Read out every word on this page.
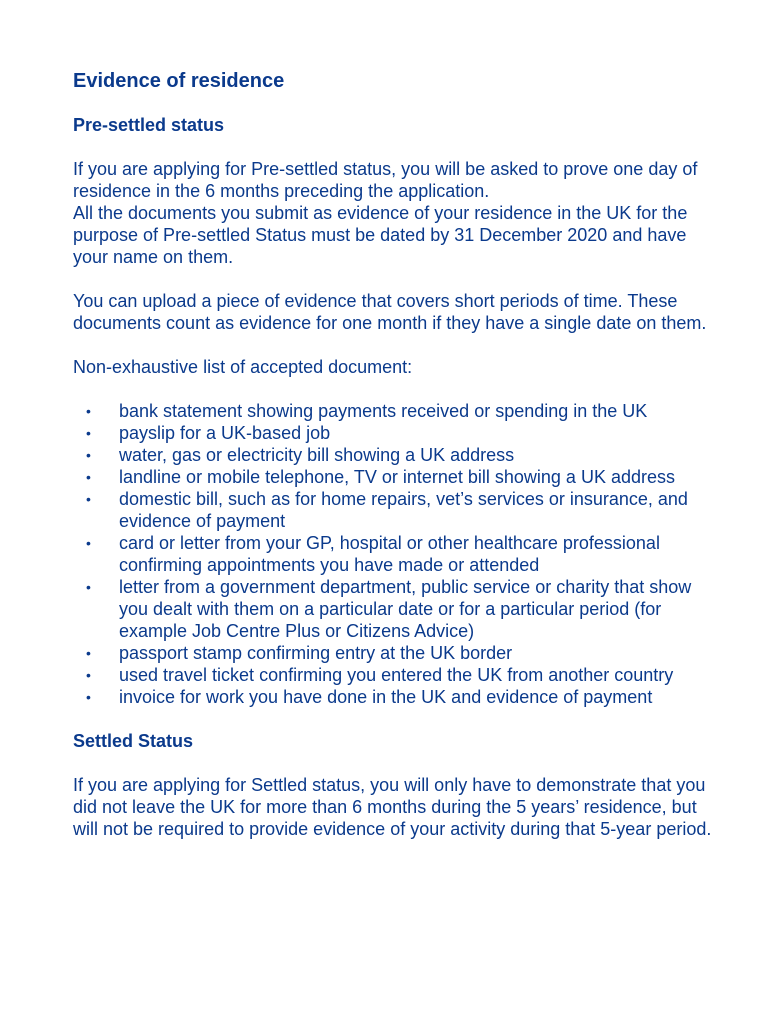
Evidence of residence
Pre-settled status

If you are applying for Pre-settled status, you will be asked to prove one day of residence in the 6 months preceding the application.

All the documents you submit as evidence of your residence in the UK for the purpose of Pre-settled Status must be dated by 31 December 2020 and have your name on them.

You can upload a piece of evidence that covers short periods of time. These documents count as evidence for one month if they have a single date on them.

Non-exhaustive list of accepted document:

• bank statement showing payments received or spending in the UK
• payslip for a UK-based job
• water, gas or electricity bill showing a UK address
• landline or mobile telephone, TV or internet bill showing a UK address
• domestic bill, such as for home repairs, vet’s services or insurance, and evidence of payment
• card or letter from your GP, hospital or other healthcare professional confirming appointments you have made or attended
• letter from a government department, public service or charity that show you dealt with them on a particular date or for a particular period (for example Job Centre Plus or Citizens Advice)
• passport stamp confirming entry at the UK border
• used travel ticket confirming you entered the UK from another country
• invoice for work you have done in the UK and evidence of payment
Settled Status

If you are applying for Settled status, you will only have to demonstrate that you did not leave the UK for more than 6 months during the 5 years’ residence, but will not be required to provide evidence of your activity during that 5-year period.
